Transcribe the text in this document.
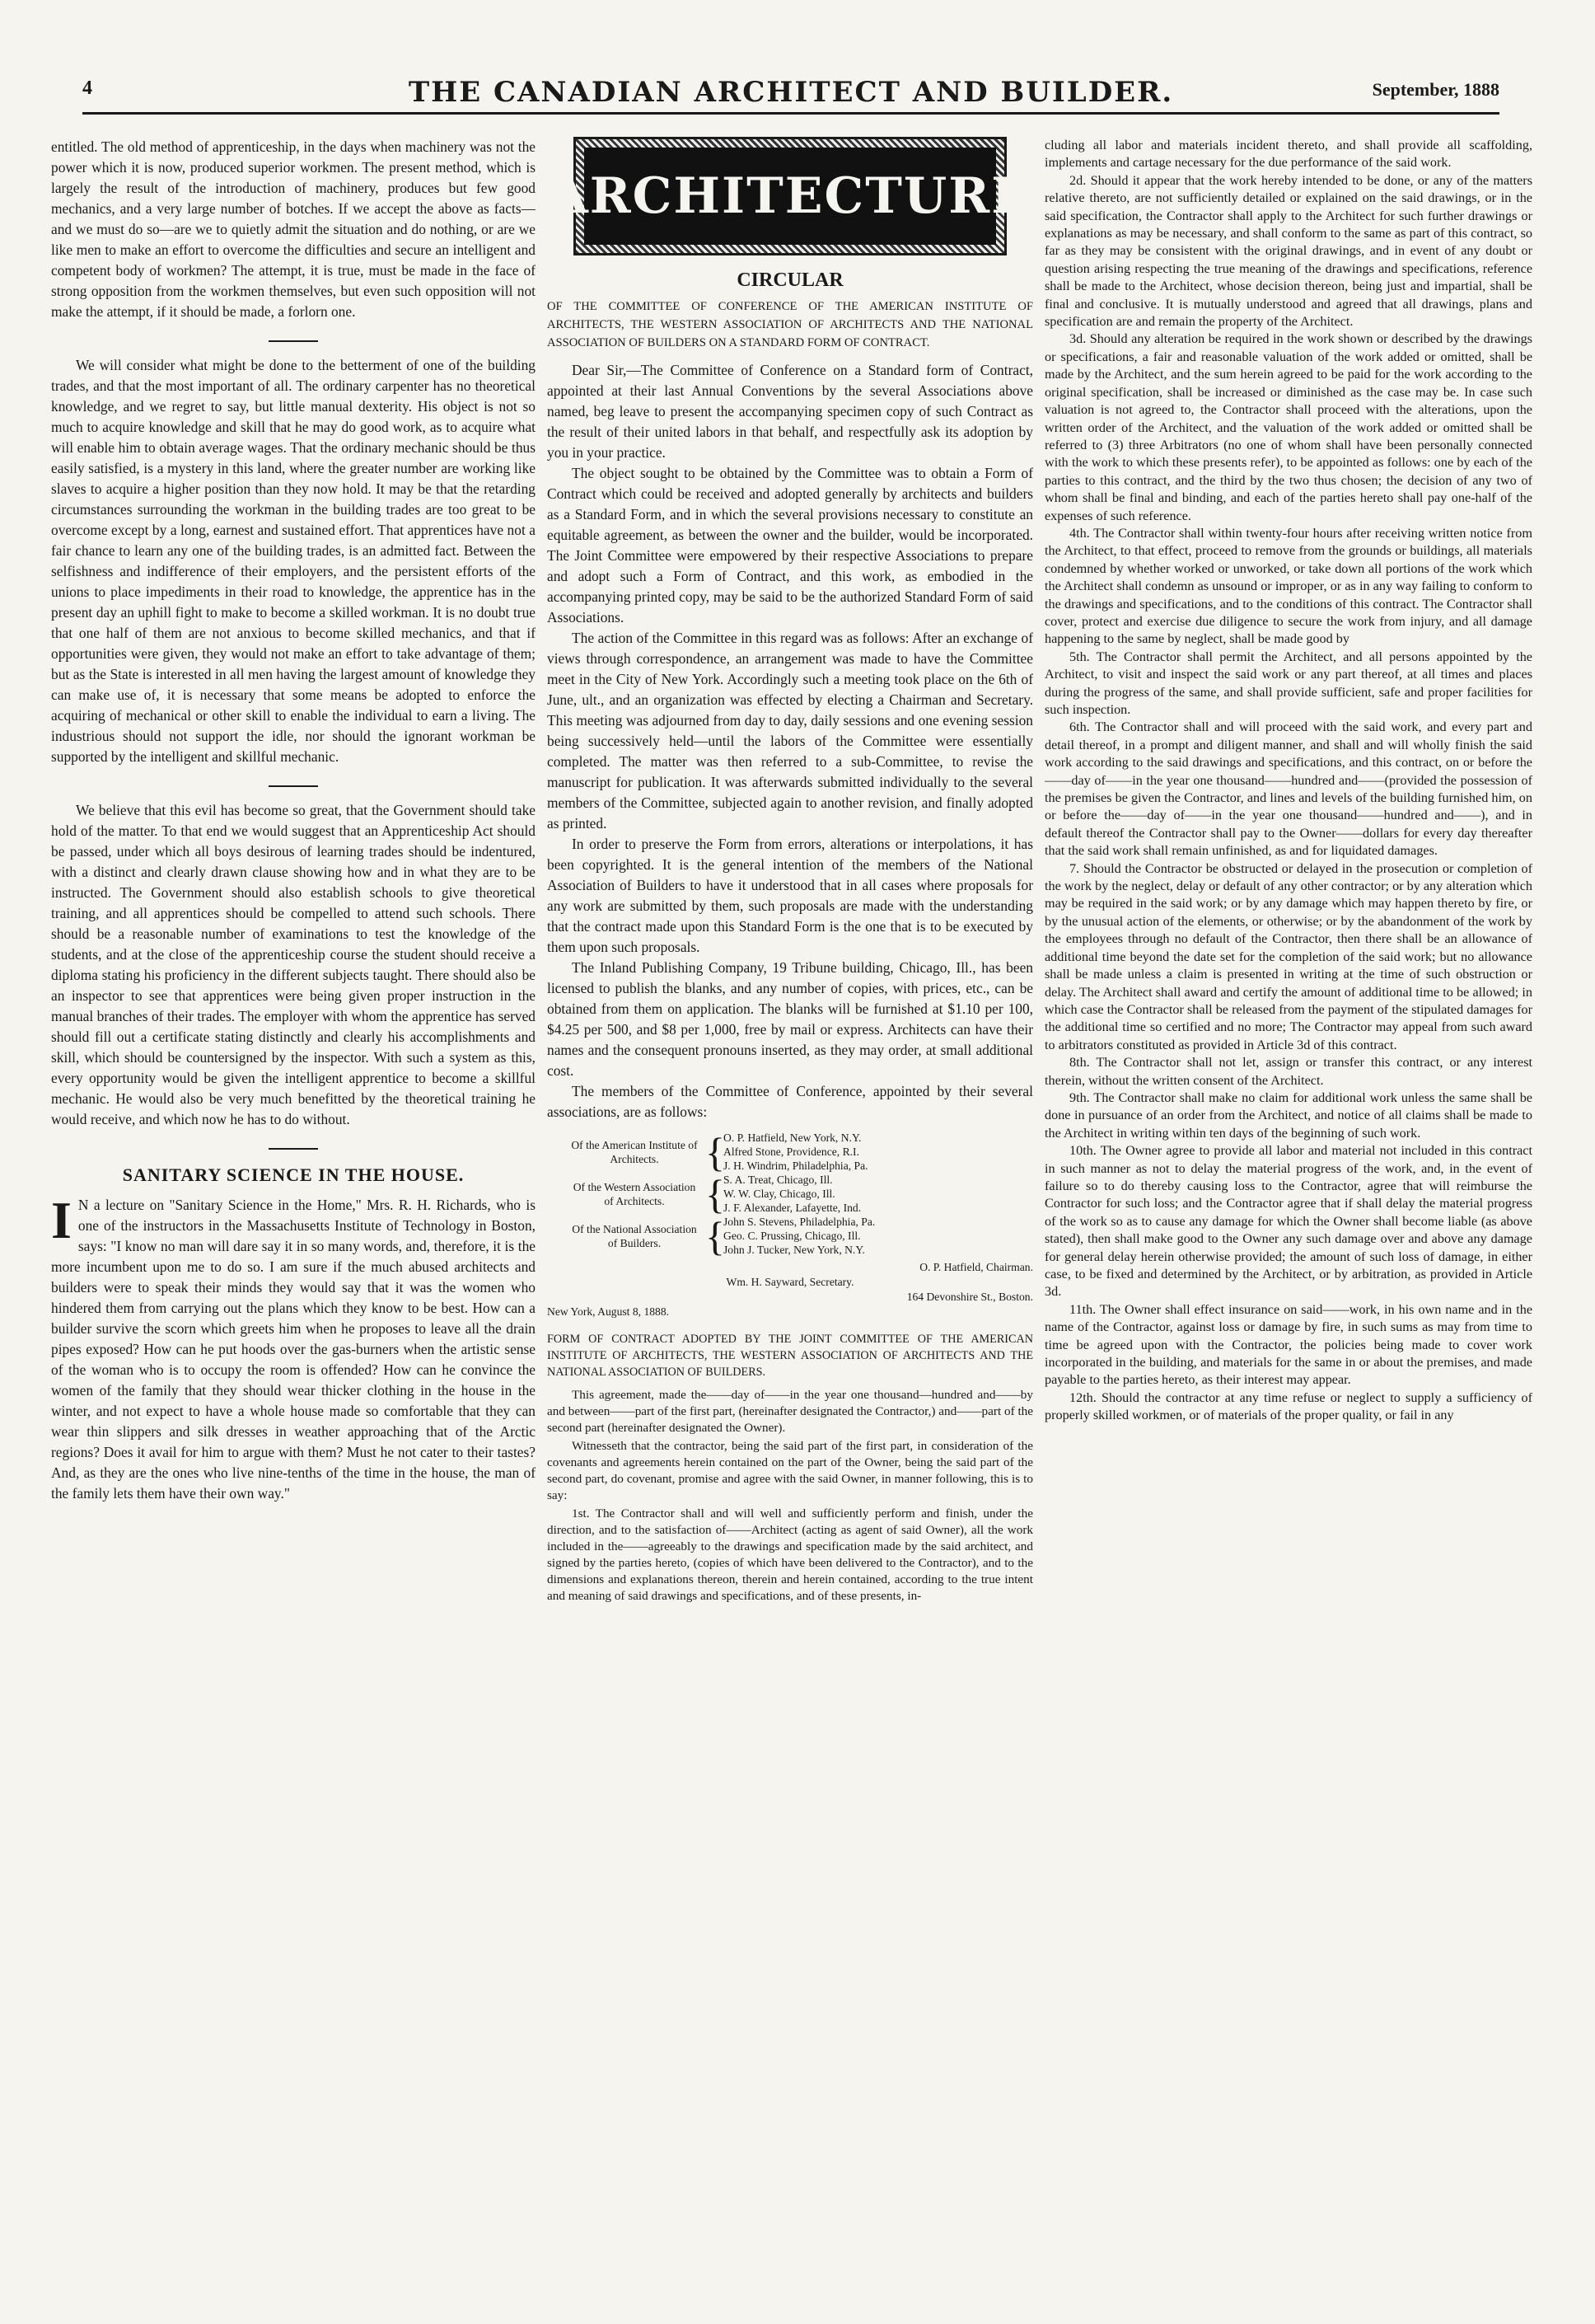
4	THE CANADIAN ARCHITECT AND BUILDER.	September, 1888

entitled. The old method of apprenticeship, in the days when machinery was not the power which it is now, produced superior workmen. The present method, which is largely the result of the introduction of machinery, produces but few good mechanics, and a very large number of botches. If we accept the above as facts—and we must do so—are we to quietly admit the situation and do nothing, or are we like men to make an effort to overcome the difficulties and secure an intelligent and competent body of workmen? The attempt, it is true, must be made in the face of strong opposition from the workmen themselves, but even such opposition will not make the attempt, if it should be made, a forlorn one.

We will consider what might be done to the betterment of one of the building trades, and that the most important of all. The ordinary carpenter has no theoretical knowledge, and we regret to say, but little manual dexterity. His object is not so much to acquire knowledge and skill that he may do good work, as to acquire what will enable him to obtain average wages. That the ordinary mechanic should be thus easily satisfied, is a mystery in this land, where the greater number are working like slaves to acquire a higher position than they now hold. It may be that the retarding circumstances surrounding the workman in the building trades are too great to be overcome except by a long, earnest and sustained effort. That apprentices have not a fair chance to learn any one of the building trades, is an admitted fact. Between the selfishness and indifference of their employers, and the persistent efforts of the unions to place impediments in their road to knowledge, the apprentice has in the present day an uphill fight to make to become a skilled workman. It is no doubt true that one half of them are not anxious to become skilled mechanics, and that if opportunities were given, they would not make an effort to take advantage of them; but as the State is interested in all men having the largest amount of knowledge they can make use of, it is necessary that some means be adopted to enforce the acquiring of mechanical or other skill to enable the individual to earn a living. The industrious should not support the idle, nor should the ignorant workman be supported by the intelligent and skillful mechanic.

We believe that this evil has become so great, that the Government should take hold of the matter. To that end we would suggest that an Apprenticeship Act should be passed, under which all boys desirous of learning trades should be indentured, with a distinct and clearly drawn clause showing how and in what they are to be instructed. The Government should also establish schools to give theoretical training, and all apprentices should be compelled to attend such schools. There should be a reasonable number of examinations to test the knowledge of the students, and at the close of the apprenticeship course the student should receive a diploma stating his proficiency in the different subjects taught. There should also be an inspector to see that apprentices were being given proper instruction in the manual branches of their trades. The employer with whom the apprentice has served should fill out a certificate stating distinctly and clearly his accomplishments and skill, which should be countersigned by the inspector. With such a system as this, every opportunity would be given the intelligent apprentice to become a skillful mechanic. He would also be very much benefitted by the theoretical training he would receive, and which now he has to do without.

SANITARY SCIENCE IN THE HOUSE.

I N a lecture on "Sanitary Science in the Home," Mrs. R. H. Richards, who is one of the instructors in the Massachusetts Institute of Technology in Boston, says: "I know no man will dare say it in so many words, and, therefore, it is the more incumbent upon me to do so. I am sure if the much abused architects and builders were to speak their minds they would say that it was the women who hindered them from carrying out the plans which they know to be best. How can a builder survive the scorn which greets him when he proposes to leave all the drain pipes exposed? How can he put hoods over the gas-burners when the artistic sense of the woman who is to occupy the room is offended? How can he convince the women of the family that they should wear thicker clothing in the house in the winter, and not expect to have a whole house made so comfortable that they can wear thin slippers and silk dresses in weather approaching that of the Arctic regions? Does it avail for him to argue with them? Must he not cater to their tastes? And, as they are the ones who live nine-tenths of the time in the house, the man of the family lets them have their own way."

ARCHITECTURE
CIRCULAR
OF THE COMMITTEE OF CONFERENCE OF THE AMERICAN INSTITUTE OF ARCHITECTS, THE WESTERN ASSOCIATION OF ARCHITECTS AND THE NATIONAL ASSOCIATION OF BUILDERS ON A STANDARD FORM OF CONTRACT.

Dear Sir,—The Committee of Conference on a Standard form of Contract, appointed at their last Annual Conventions by the several Associations above named, beg leave to present the accompanying specimen copy of such Contract as the result of their united labors in that behalf, and respectfully ask its adoption by you in your practice.

The object sought to be obtained by the Committee was to obtain a Form of Contract which could be received and adopted generally by architects and builders as a Standard Form, and in which the several provisions necessary to constitute an equitable agreement, as between the owner and the builder, would be incorporated. The Joint Committee were empowered by their respective Associations to prepare and adopt such a Form of Contract, and this work, as embodied in the accompanying printed copy, may be said to be the authorized Standard Form of said Associations.

The action of the Committee in this regard was as follows: After an exchange of views through correspondence, an arrangement was made to have the Committee meet in the City of New York. Accordingly such a meeting took place on the 6th of June, ult., and an organization was effected by electing a Chairman and Secretary. This meeting was adjourned from day to day, daily sessions and one evening session being successively held—until the labors of the Committee were essentially completed. The matter was then referred to a sub-Committee, to revise the manuscript for publication. It was afterwards submitted individually to the several members of the Committee, subjected again to another revision, and finally adopted as printed.

In order to preserve the Form from errors, alterations or interpolations, it has been copyrighted. It is the general intention of the members of the National Association of Builders to have it understood that in all cases where proposals for any work are submitted by them, such proposals are made with the understanding that the contract made upon this Standard Form is the one that is to be executed by them upon such proposals.

The Inland Publishing Company, 19 Tribune building, Chicago, Ill., has been licensed to publish the blanks, and any number of copies, with prices, etc., can be obtained from them on application. The blanks will be furnished at $1.10 per 100, $4.25 per 500, and $8 per 1,000, free by mail or express. Architects can have their names and the consequent pronouns inserted, as they may order, at small additional cost.

The members of the Committee of Conference, appointed by their several associations, are as follows:

Of the American Institute of Architects.	{
O. P. Hatfield, New York, N.Y.
Alfred Stone, Providence, R.I.
J. H. Windrim, Philadelphia, Pa.
Of the Western Association of Architects. {
S. A. Treat, Chicago, Ill.
W. W. Clay, Chicago, Ill.
J. F. Alexander, Lafayette, Ind.
Of the National Association of Builders.	{
John S. Stevens, Philadelphia, Pa.
Geo. C. Prussing, Chicago, Ill.
John J. Tucker, New York, N.Y.
O. P. Hatfield, Chairman.
Wm. H. Sayward, Secretary.
164 Devonshire St., Boston.
New York, August 8, 1888.
FORM OF CONTRACT ADOPTED BY THE JOINT COMMITTEE OF THE AMERICAN INSTITUTE OF ARCHITECTS, THE WESTERN ASSOCIATION OF ARCHITECTS AND THE NATIONAL ASSOCIATION OF BUILDERS.

This agreement, made the——day of——in the year one thousand—hundred and——by and between——part of the first part, (hereinafter designated the Contractor,) and——part of the second part (hereinafter designated the Owner).

Witnesseth that the contractor, being the said part of the first part, in consideration of the covenants and agreements herein contained on the part of the Owner, being the said part of the second part, do covenant, promise and agree with the said Owner, in manner following, this is to say:

1st. The Contractor shall and will well and sufficiently perform and finish, under the direction, and to the satisfaction of——Architect (acting as agent of said Owner), all the work included in the——agreeably to the drawings and specification made by the said architect, and signed by the parties hereto, (copies of which have been delivered to the Contractor), and to the dimensions and explanations thereon, therein and herein contained, according to the true intent and meaning of said drawings and specifications, and of these presents, in-

cluding all labor and materials incident thereto, and shall provide all scaffolding, implements and cartage necessary for the due performance of the said work.

2d. Should it appear that the work hereby intended to be done, or any of the matters relative thereto, are not sufficiently detailed or explained on the said drawings, or in the said specification, the Contractor shall apply to the Architect for such further drawings or explanations as may be necessary, and shall conform to the same as part of this contract, so far as they may be consistent with the original drawings, and in event of any doubt or question arising respecting the true meaning of the drawings and specifications, reference shall be made to the Architect, whose decision thereon, being just and impartial, shall be final and conclusive. It is mutually understood and agreed that all drawings, plans and specification are and remain the property of the Architect.

3d. Should any alteration be required in the work shown or described by the drawings or specifications, a fair and reasonable valuation of the work added or omitted, shall be made by the Architect, and the sum herein agreed to be paid for the work according to the original specification, shall be increased or diminished as the case may be. In case such valuation is not agreed to, the Contractor shall proceed with the alterations, upon the written order of the Architect, and the valuation of the work added or omitted shall be referred to (3) three Arbitrators (no one of whom shall have been personally connected with the work to which these presents refer), to be appointed as follows: one by each of the parties to this contract, and the third by the two thus chosen; the decision of any two of whom shall be final and binding, and each of the parties hereto shall pay one-half of the expenses of such reference.

4th. The Contractor shall within twenty-four hours after receiving written notice from the Architect, to that effect, proceed to remove from the grounds or buildings, all materials condemned by whether worked or unworked, or take down all portions of the work which the Architect shall condemn as unsound or improper, or as in any way failing to conform to the drawings and specifications, and to the conditions of this contract. The Contractor shall cover, protect and exercise due diligence to secure the work from injury, and all damage happening to the same by neglect, shall be made good by

5th. The Contractor shall permit the Architect, and all persons appointed by the Architect, to visit and inspect the said work or any part thereof, at all times and places during the progress of the same, and shall provide sufficient, safe and proper facilities for such inspection.

6th. The Contractor shall and will proceed with the said work, and every part and detail thereof, in a prompt and diligent manner, and shall and will wholly finish the said work according to the said drawings and specifications, and this contract, on or before the——day of——in the year one thousand——hundred and——(provided the possession of the premises be given the Contractor, and lines and levels of the building furnished him, on or before the——day of——in the year one thousand——hundred and——), and in default thereof the Contractor shall pay to the Owner——dollars for every day thereafter that the said work shall remain unfinished, as and for liquidated damages.

7. Should the Contractor be obstructed or delayed in the prosecution or completion of the work by the neglect, delay or default of any other contractor; or by any alteration which may be required in the said work; or by any damage which may happen thereto by fire, or by the unusual action of the elements, or otherwise; or by the abandonment of the work by the employees through no default of the Contractor, then there shall be an allowance of additional time beyond the date set for the completion of the said work; but no allowance shall be made unless a claim is presented in writing at the time of such obstruction or delay. The Architect shall award and certify the amount of additional time to be allowed; in which case the Contractor shall be released from the payment of the stipulated damages for the additional time so certified and no more; The Contractor may appeal from such award to arbitrators constituted as provided in Article 3d of this contract.

8th. The Contractor shall not let, assign or transfer this contract, or any interest therein, without the written consent of the Architect.

9th. The Contractor shall make no claim for additional work unless the same shall be done in pursuance of an order from the Architect, and notice of all claims shall be made to the Architect in writing within ten days of the beginning of such work.

10th. The Owner agree to provide all labor and material not included in this contract in such manner as not to delay the material progress of the work, and, in the event of failure so to do thereby causing loss to the Contractor, agree that will reimburse the Contractor for such loss; and the Contractor agree that if shall delay the material progress of the work so as to cause any damage for which the Owner shall become liable (as above stated), then shall make good to the Owner any such damage over and above any damage for general delay herein otherwise provided; the amount of such loss of damage, in either case, to be fixed and determined by the Architect, or by arbitration, as provided in Article 3d.

11th. The Owner shall effect insurance on said——work, in his own name and in the name of the Contractor, against loss or damage by fire, in such sums as may from time to time be agreed upon with the Contractor, the policies being made to cover work incorporated in the building, and materials for the same in or about the premises, and made payable to the parties hereto, as their interest may appear.

12th. Should the contractor at any time refuse or neglect to supply a sufficiency of properly skilled workmen, or of materials of the proper quality, or fail in any
